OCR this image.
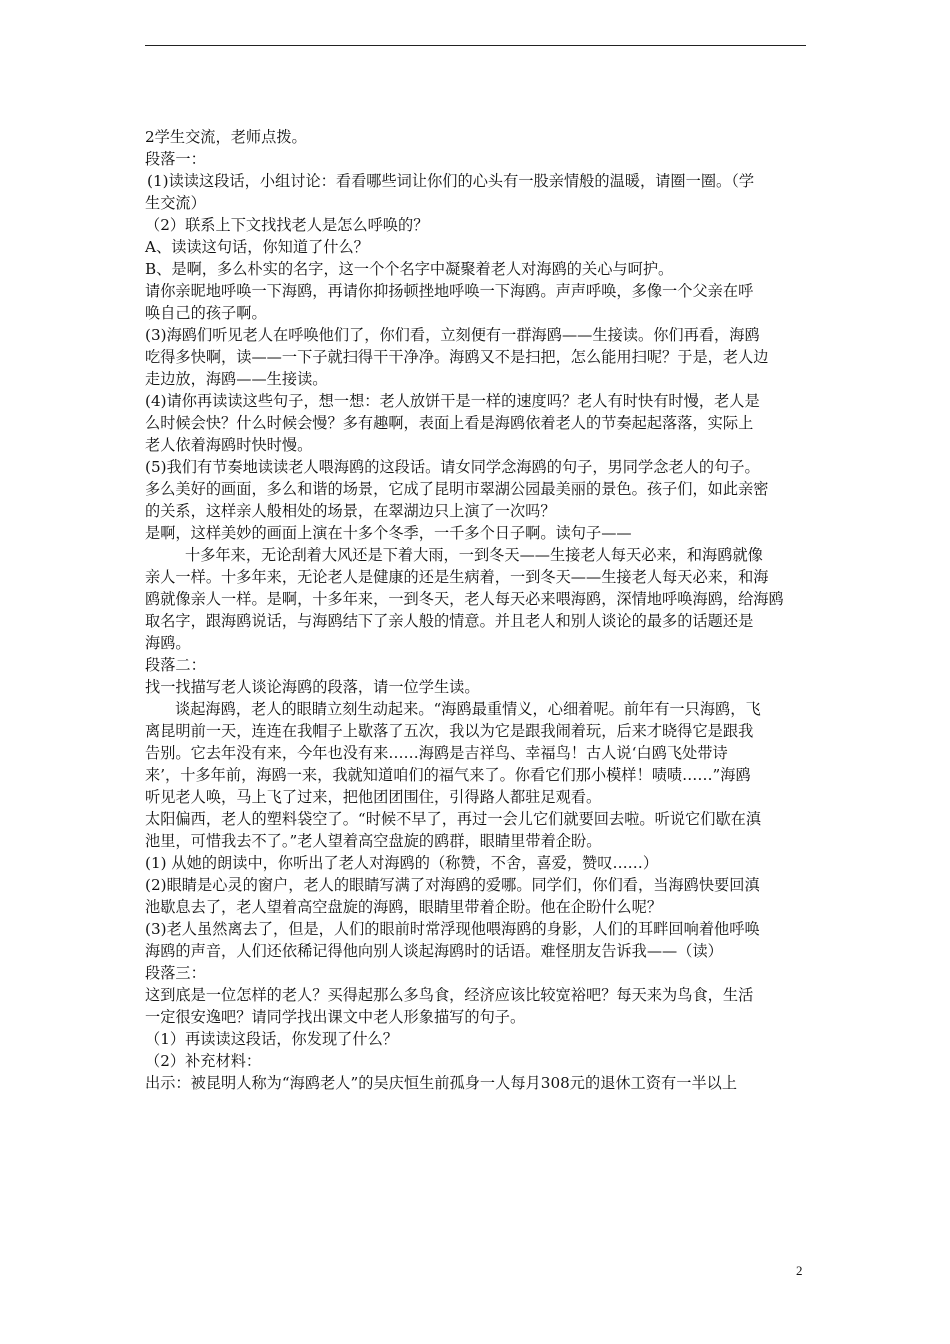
2学生交流，老师点拨。
段落一：
(1)读读这段话，小组讨论：看看哪些词让你们的心头有一股亲情般的温暖，请圈一圈。（学
生交流）
（2）联系上下文找找老人是怎么呼唤的？
A、读读这句话，你知道了什么？
B、是啊，多么朴实的名字，这一个个名字中凝聚着老人对海鸥的关心与呵护。
请你亲昵地呼唤一下海鸥，再请你抑扬顿挫地呼唤一下海鸥。声声呼唤，多像一个父亲在呼
唤自己的孩子啊。
(3)海鸥们听见老人在呼唤他们了，你们看，立刻便有一群海鸥——生接读。你们再看，海鸥
吃得多快啊，读——一下子就扫得干干净净。海鸥又不是扫把，怎么能用扫呢？于是，老人边
走边放，海鸥——生接读。
(4)请你再读读这些句子，想一想：老人放饼干是一样的速度吗？老人有时快有时慢，老人是
么时候会快？什么时候会慢？多有趣啊，表面上看是海鸥依着老人的节奏起起落落，实际上
老人依着海鸥时快时慢。
(5)我们有节奏地读读老人喂海鸥的这段话。请女同学念海鸥的句子，男同学念老人的句子。
多么美好的画面，多么和谐的场景，它成了昆明市翠湖公园最美丽的景色。孩子们，如此亲密
的关系，这样亲人般相处的场景，在翠湖边只上演了一次吗？
是啊，这样美妙的画面上演在十多个冬季，一千多个日子啊。读句子——
十多年来，无论刮着大风还是下着大雨，一到冬天——生接老人每天必来，和海鸥就像
亲人一样。十多年来，无论老人是健康的还是生病着，一到冬天——生接老人每天必来，和海
鸥就像亲人一样。是啊，十多年来，一到冬天，老人每天必来喂海鸥，深情地呼唤海鸥，给海鸥
取名字，跟海鸥说话，与海鸥结下了亲人般的情意。并且老人和别人谈论的最多的话题还是
海鸥。
段落二：
找一找描写老人谈论海鸥的段落，请一位学生读。
谈起海鸥，老人的眼睛立刻生动起来。“海鸥最重情义，心细着呢。前年有一只海鸥，飞
离昆明前一天，连连在我帽子上歇落了五次，我以为它是跟我闹着玩，后来才晓得它是跟我
告别。它去年没有来，今年也没有来……海鸥是吉祥鸟、幸福鸟！古人说‘白鸥飞处带诗
来’，十多年前，海鸥一来，我就知道咱们的福气来了。你看它们那小模样！啧啧……”海鸥
听见老人唤，马上飞了过来，把他团团围住，引得路人都驻足观看。
太阳偏西，老人的塑料袋空了。“时候不早了，再过一会儿它们就要回去啦。听说它们歇在滇
池里，可惜我去不了。”老人望着高空盘旋的鸥群，眼睛里带着企盼。
(1) 从她的朗读中，你听出了老人对海鸥的（称赞，不舍，喜爱，赞叹……）
(2)眼睛是心灵的窗户，老人的眼睛写满了对海鸥的爱哪。同学们，你们看，当海鸥快要回滇
池歇息去了，老人望着高空盘旋的海鸥，眼睛里带着企盼。他在企盼什么呢？
(3)老人虽然离去了，但是，人们的眼前时常浮现他喂海鸥的身影，人们的耳畔回响着他呼唤
海鸥的声音，人们还依稀记得他向别人谈起海鸥时的话语。难怪朋友告诉我——（读）
段落三：
这到底是一位怎样的老人？买得起那么多鸟食，经济应该比较宽裕吧？每天来为鸟食，生活
一定很安逸吧？请同学找出课文中老人形象描写的句子。
（1）再读读这段话，你发现了什么？
（2）补充材料：
出示：被昆明人称为“海鸥老人”的吴庆恒生前孤身一人每月308元的退休工资有一半以上
2
